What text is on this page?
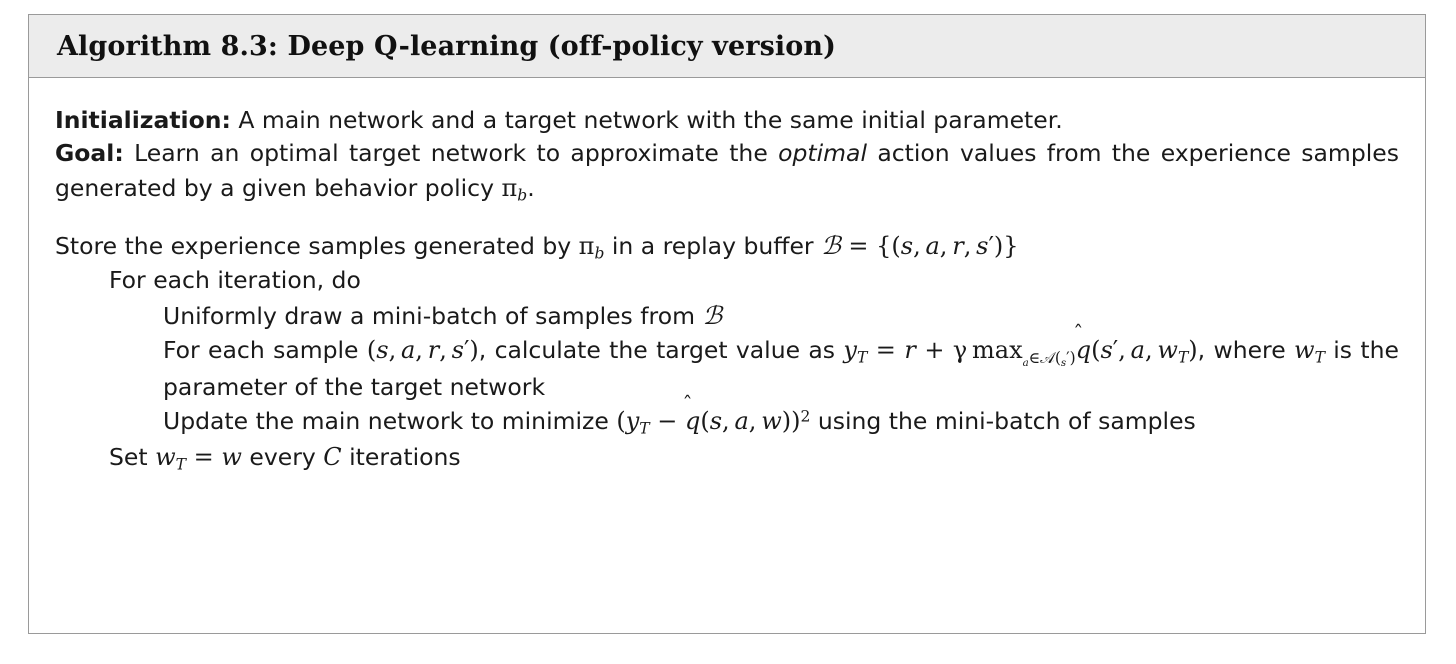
Algorithm 8.3: Deep Q-learning (off-policy version)
Initialization: A main network and a target network with the same initial parameter.
Goal: Learn an optimal target network to approximate the optimal action values from the experience samples generated by a given behavior policy $\pi_b$.
Store the experience samples generated by $\pi_b$ in a replay buffer ℬ = {(s, a, r, s′)}
For each iteration, do
Uniformly draw a mini-batch of samples from ℬ
For each sample (s, a, r, s′), calculate the target value as $y_T = r + \gamma$ $\max_a\in 𝒜(_s')$
q(s′, a, $w_T$), where $w_T$ is the parameter of the target network
Update the main network to minimize ($y_T$ −
q(s, a, w))$^2$ using the mini-batch of samples
Set $w_T = w$ every C iterations
